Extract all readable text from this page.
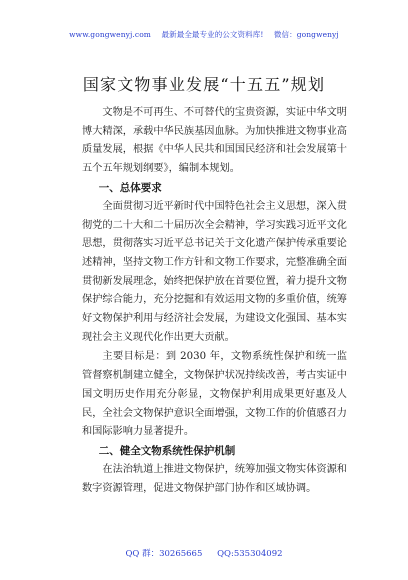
www.gongwenyj.com 最新最全最专业的公文资料库! 微信：gongwenyj
国家文物事业发展“十五五”规划

文物是不可再生、不可替代的宝贵资源，实证中华文明博大精深，承载中华民族基因血脉。为加快推进文物事业高质量发展，根据《中华人民共和国国民经济和社会发展第十五个五年规划纲要》，编制本规划。

一、总体要求

全面贯彻习近平新时代中国特色社会主义思想，深入贯彻党的二十大和二十届历次全会精神，学习实践习近平文化思想，贯彻落实习近平总书记关于文化遗产保护传承重要论述精神，坚持文物工作方针和文物工作要求，完整准确全面贯彻新发展理念，始终把保护放在首要位置，着力提升文物保护综合能力，充分挖掘和有效运用文物的多重价值，统筹好文物保护利用与经济社会发展，为建设文化强国、基本实现社会主义现代化作出更大贡献。

主要目标是：到 2030 年，文物系统性保护和统一监管督察机制建立健全，文物保护状况持续改善，考古实证中国文明历史作用充分彰显，文物保护利用成果更好惠及人民，全社会文物保护意识全面增强，文物工作的价值感召力和国际影响力显著提升。

二、健全文物系统性保护机制

在法治轨道上推进文物保护，统筹加强文物实体资源和数字资源管理，促进文物保护部门协作和区域协调。

QQ 群：30265665 QQ:535304092
